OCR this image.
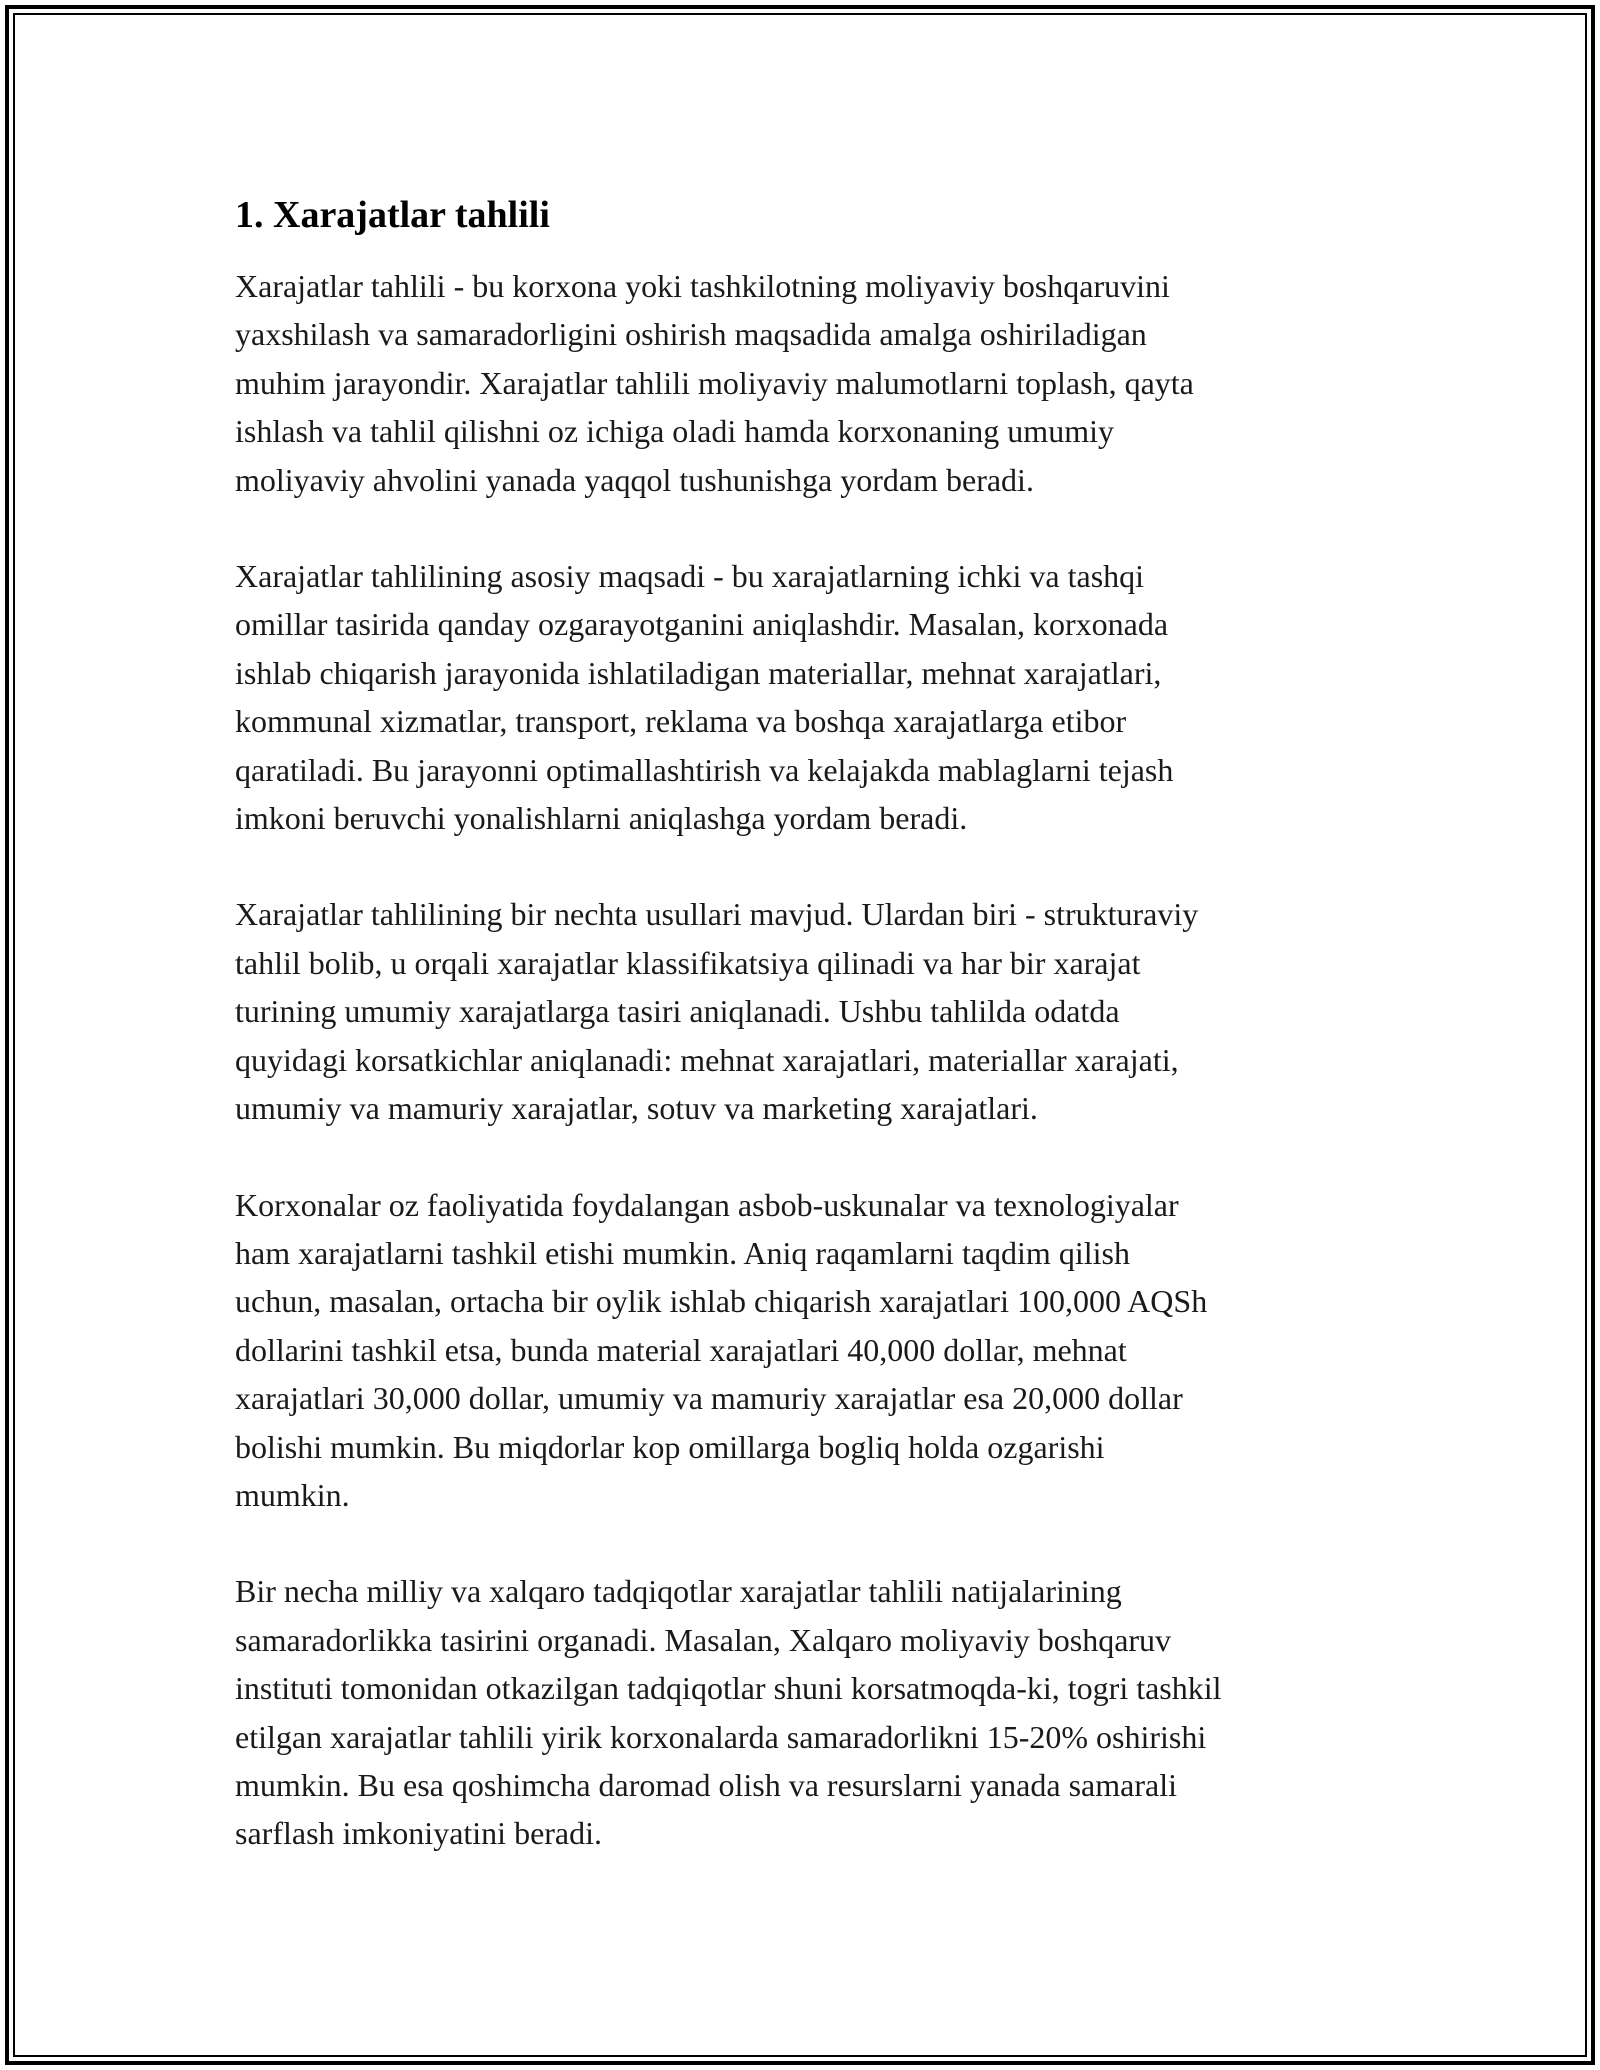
1. Xarajatlar tahlili

Xarajatlar tahlili - bu korxona yoki tashkilotning moliyaviy boshqaruvini
yaxshilash va samaradorligini oshirish maqsadida amalga oshiriladigan
muhim jarayondir. Xarajatlar tahlili moliyaviy malumotlarni toplash, qayta
ishlash va tahlil qilishni oz ichiga oladi hamda korxonaning umumiy
moliyaviy ahvolini yanada yaqqol tushunishga yordam beradi.

Xarajatlar tahlilining asosiy maqsadi - bu xarajatlarning ichki va tashqi
omillar tasirida qanday ozgarayotganini aniqlashdir. Masalan, korxonada
ishlab chiqarish jarayonida ishlatiladigan materiallar, mehnat xarajatlari,
kommunal xizmatlar, transport, reklama va boshqa xarajatlarga etibor
qaratiladi. Bu jarayonni optimallashtirish va kelajakda mablaglarni tejash
imkoni beruvchi yonalishlarni aniqlashga yordam beradi.

Xarajatlar tahlilining bir nechta usullari mavjud. Ulardan biri - strukturaviy
tahlil bolib, u orqali xarajatlar klassifikatsiya qilinadi va har bir xarajat
turining umumiy xarajatlarga tasiri aniqlanadi. Ushbu tahlilda odatda
quyidagi korsatkichlar aniqlanadi: mehnat xarajatlari, materiallar xarajati,
umumiy va mamuriy xarajatlar, sotuv va marketing xarajatlari.

Korxonalar oz faoliyatida foydalangan asbob-uskunalar va texnologiyalar
ham xarajatlarni tashkil etishi mumkin. Aniq raqamlarni taqdim qilish
uchun, masalan, ortacha bir oylik ishlab chiqarish xarajatlari 100,000 AQSh
dollarini tashkil etsa, bunda material xarajatlari 40,000 dollar, mehnat
xarajatlari 30,000 dollar, umumiy va mamuriy xarajatlar esa 20,000 dollar
bolishi mumkin. Bu miqdorlar kop omillarga bogliq holda ozgarishi
mumkin.

Bir necha milliy va xalqaro tadqiqotlar xarajatlar tahlili natijalarining
samaradorlikka tasirini organadi. Masalan, Xalqaro moliyaviy boshqaruv
instituti tomonidan otkazilgan tadqiqotlar shuni korsatmoqda-ki, togri tashkil
etilgan xarajatlar tahlili yirik korxonalarda samaradorlikni 15-20% oshirishi
mumkin. Bu esa qoshimcha daromad olish va resurslarni yanada samarali
sarflash imkoniyatini beradi.
